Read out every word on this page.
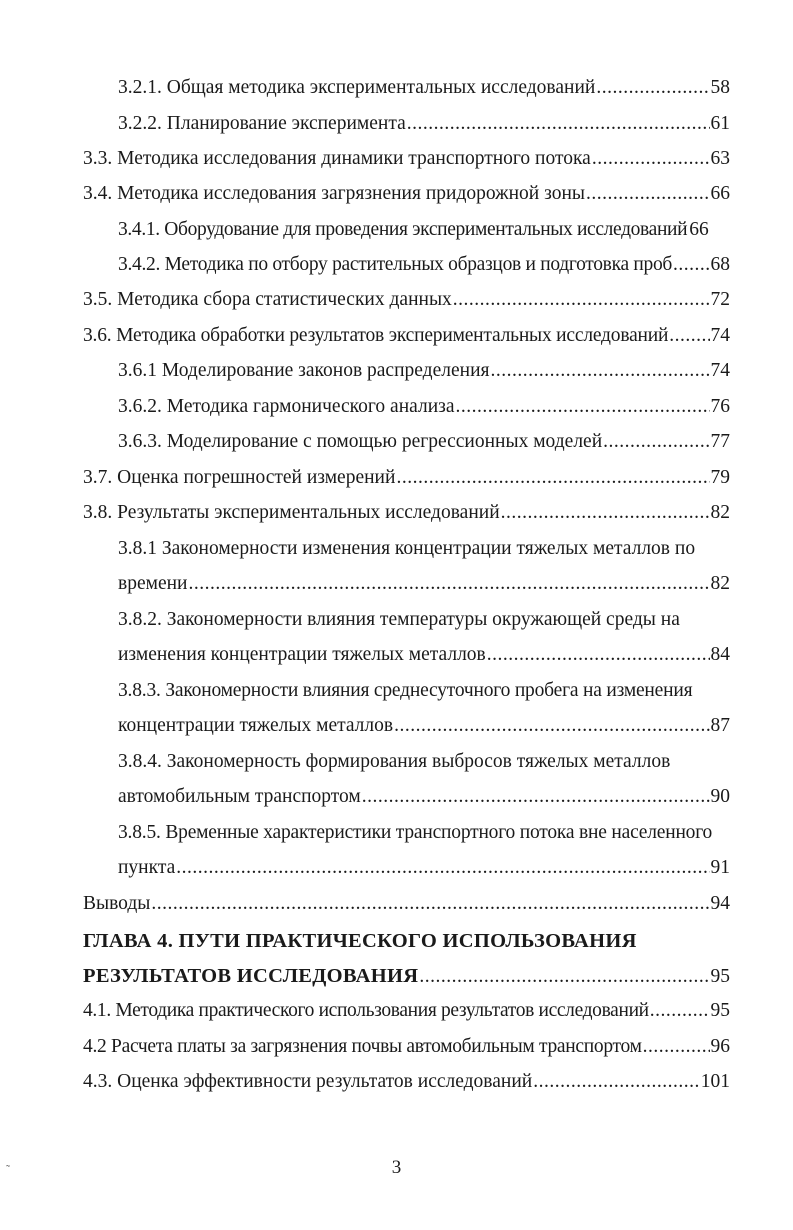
3.2.1. Общая методика экспериментальных исследований .....	58
3.2.2. Планирование эксперимента .....	61
3.3. Методика исследования динамики транспортного потока .....	63
3.4. Методика исследования загрязнения придорожной зоны .....	66
3.4.1. Оборудование для проведения экспериментальных исследований 66
3.4.2. Методика по отбору растительных образцов и подготовка проб ..... 68
3.5. Методика сбора статистических данных .....	72
3.6. Методика обработки результатов экспериментальных исследований ..... 74
3.6.1 Моделирование законов распределения .....	74
3.6.2. Методика гармонического анализа .....	76
3.6.3. Моделирование с помощью регрессионных моделей .....	77
3.7. Оценка погрешностей измерений .....	79
3.8. Результаты экспериментальных исследований .....	82
3.8.1 Закономерности изменения концентрации тяжелых металлов по
времени .....	82
3.8.2. Закономерности влияния температуры окружающей среды на
изменения концентрации тяжелых металлов .....	84
3.8.3. Закономерности влияния среднесуточного пробега на изменения
концентрации тяжелых металлов .....	87
3.8.4. Закономерность формирования выбросов тяжелых металлов
автомобильным транспортом .....	90
3.8.5. Временные характеристики транспортного потока вне населенного
пункта .....	91
Выводы .....	94
ГЛАВА 4. ПУТИ ПРАКТИЧЕСКОГО ИСПОЛЬЗОВАНИЯ
РЕЗУЛЬТАТОВ ИССЛЕДОВАНИЯ .....	95
4.1. Методика практического использования результатов исследований .....	95
4.2 Расчета платы за загрязнения почвы автомобильным транспортом .....	96
4.3. Оценка эффективности результатов исследований .....	101
˜	3
